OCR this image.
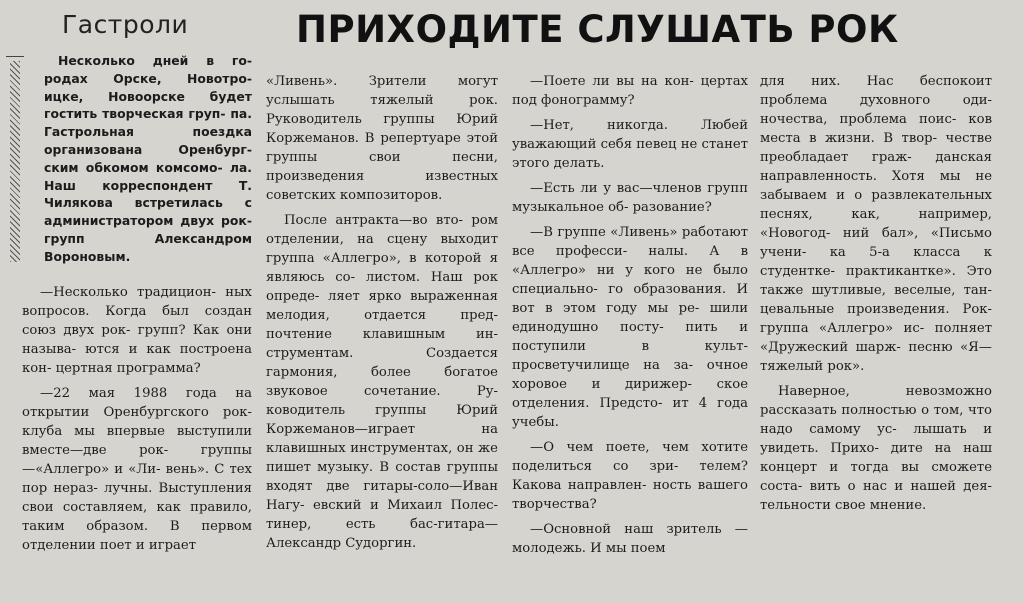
Гастроли	ПРИХОДИТЕ СЛУШАТЬ РОК

Несколько дней в го- родах Орске, Новотро- ицке, Новоорске будет гостить творческая груп- па. Гастрольная поездка организована Оренбург- ским обкомом комсомо- ла. Наш корреспондент Т. Чилякова встретилась с администратором двух рок-групп Александром Вороновым.

—Несколько традицион- ных вопросов. Когда был создан союз двух рок- групп? Как они называ- ются и как построена кон- цертная программа?

—22 мая 1988 года на открытии Оренбургского рок-клуба мы впервые выступили вместе—две рок- группы—«Аллегро» и «Ли- вень». С тех пор нераз- лучны. Выступления свои составляем, как правило, таким образом. В первом отделении поет и играет

«Ливень». Зрители могут услышать тяжелый рок. Руководитель группы Юрий Коржеманов. В репертуаре этой группы свои песни, произведения известных советских композиторов.

После антракта—во вто- ром отделении, на сцену выходит группа «Аллегро», в которой я являюсь со- листом. Наш рок опреде- ляет ярко выраженная мелодия, отдается пред- почтение клавишным ин- струментам. Создается гармония, более богатое звуковое сочетание. Ру- ководитель группы Юрий Коржеманов—играет на клавишных инструментах, он же пишет музыку. В состав группы входят две гитары-соло—Иван Нагу- евский и Михаил Полес- тинер, есть бас-гитара— Александр Судоргин.

—Поете ли вы на кон- цертах под фонограмму?

—Нет, никогда. Любей уважающий себя певец не станет этого делать.

—Есть ли у вас—членов групп музыкальное об- разование?

—В группе «Ливень» работают все професси- налы. А в «Аллегро» ни у кого не было специально- го образования. И вот в этом году мы ре- шили единодушно посту- пить и поступили в культ- просветучилище на за- очное хоровое и дирижер- ское отделения. Предсто- ит 4 года учебы.

—О чем поете, чем хотите поделиться со зри- телем? Какова направлен- ность вашего творчества?

—Основной наш зритель —молодежь. И мы поем

для них. Нас беспокоит проблема духовного оди- ночества, проблема поис- ков места в жизни. В твор- честве преобладает граж- данская направленность. Хотя мы не забываем и о развлекательных песнях, как, например, «Новогод- ний бал», «Письмо учени- ка 5-а класса к студентке- практикантке». Это также шутливые, веселые, тан- цевальные произведения. Рок-группа «Аллегро» ис- полняет «Дружеский шарж- песню «Я—тяжелый рок».

Наверное, невозможно рассказать полностью о том, что надо самому ус- лышать и увидеть. Прихо- дите на наш концерт и тогда вы сможете соста- вить о нас и нашей дея- тельности свое мнение.
